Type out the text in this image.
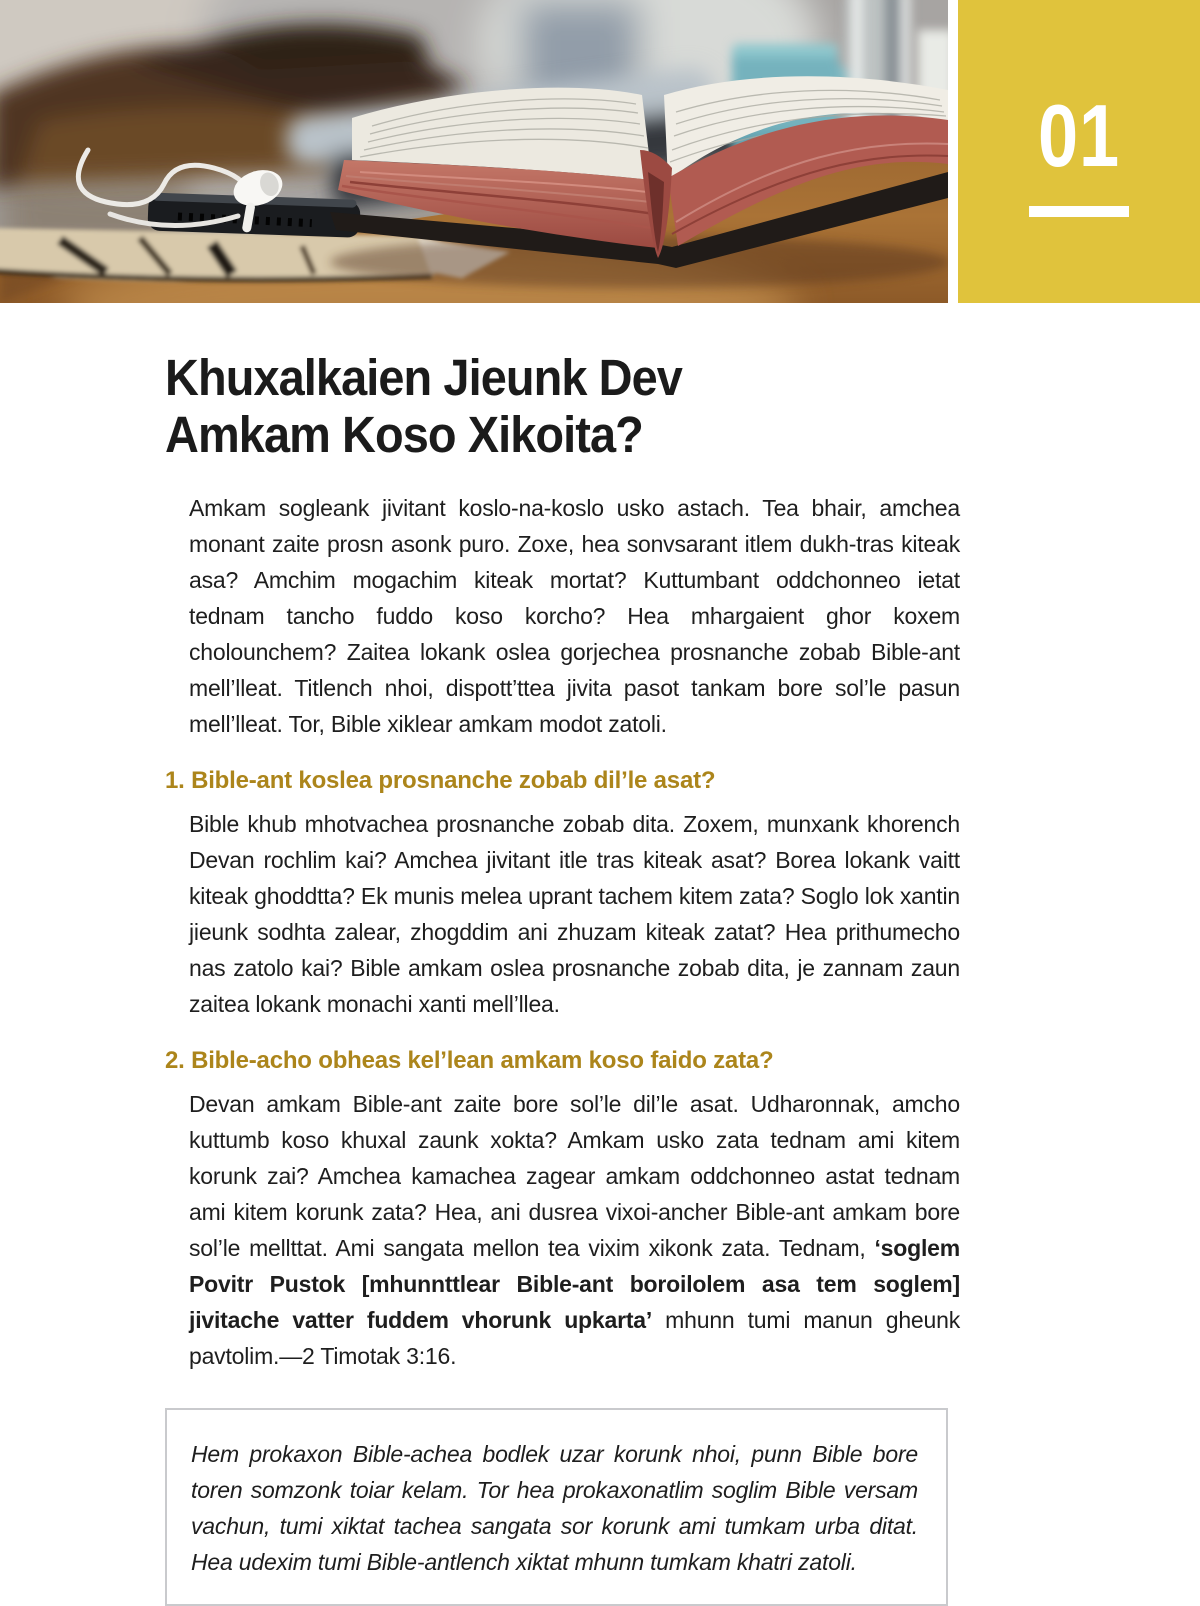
01
Khuxalkaien Jieunk Dev
Amkam Koso Xikoita?

Amkam sogleank jivitant koslo-na-koslo usko astach. Tea bhair, amchea monant zaite prosn asonk puro. Zoxe, hea sonvsarant itlem dukh-tras kiteak asa? Amchim mogachim kiteak mortat? Kuttumbant oddchonneo ietat tednam tancho fuddo koso korcho? Hea mhargaient ghor koxem cholounchem? Zaitea lokank oslea gorjechea prosnanche zobab Bible-ant mell’lleat. Titlench nhoi, dispott’ttea jivita pasot tankam bore sol’le pasun mell’lleat. Tor, Bible xiklear amkam modot zatoli.

1. Bible-ant koslea prosnanche zobab dil’le asat?

Bible khub mhotvachea prosnanche zobab dita. Zoxem, munxank khorench Devan rochlim kai? Amchea jivitant itle tras kiteak asat? Borea lokank vaitt kiteak ghoddtta? Ek munis melea uprant tachem kitem zata? Soglo lok xantin jieunk sodhta zalear, zhogddim ani zhuzam kiteak zatat? Hea prithumecho nas zatolo kai? Bible amkam oslea prosnanche zobab dita, je zannam zaun zaitea lokank monachi xanti mell’llea.

2. Bible-acho obheas kel’lean amkam koso faido zata?

Devan amkam Bible-ant zaite bore sol’le dil’le asat. Udharonnak, amcho kuttumb koso khuxal zaunk xokta? Amkam usko zata tednam ami kitem korunk zai? Amchea kamachea zagear amkam oddchonneo astat tednam ami kitem korunk zata? Hea, ani dusrea vixoi-ancher Bible-ant amkam bore sol’le mellttat. Ami sangata mellon tea vixim xikonk zata. Tednam, ‘soglem Povitr Pustok [mhunnttlear Bible-ant boroilolem asa tem soglem] jivitache vatter fuddem vhorunk upkarta’ mhunn tumi manun gheunk pavtolim.—2 Timotak 3:16.

Hem prokaxon Bible-achea bodlek uzar korunk nhoi, punn Bible bore toren somzonk toiar kelam. Tor hea prokaxonatlim soglim Bible versam vachun, tumi xiktat tachea sangata sor korunk ami tumkam urba ditat. Hea udexim tumi Bible-antlench xiktat mhunn tumkam khatri zatoli.
